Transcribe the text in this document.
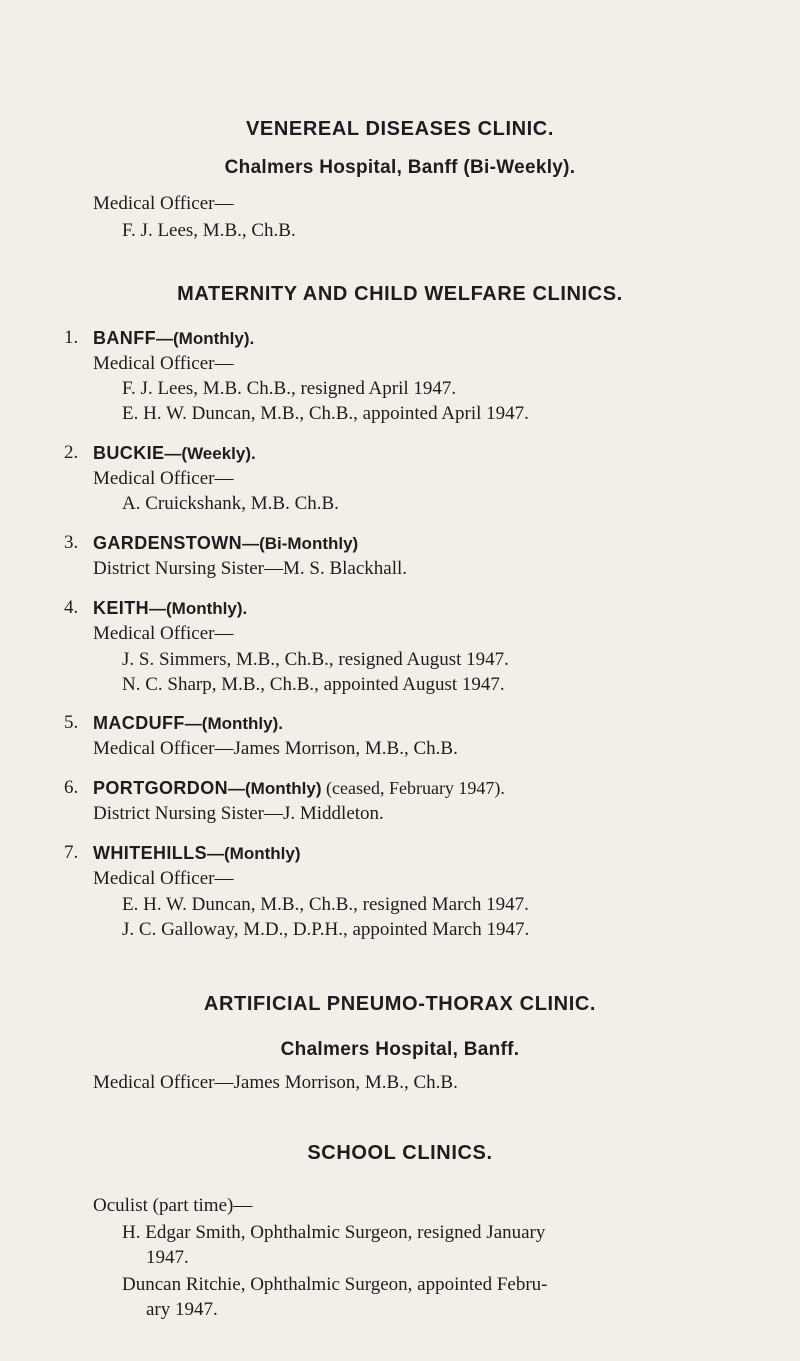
VENEREAL DISEASES CLINIC.
Chalmers Hospital, Banff (Bi-Weekly).
Medical Officer—
F. J. Lees, M.B., Ch.B.
MATERNITY AND CHILD WELFARE CLINICS.
1. BANFF—(Monthly).
Medical Officer—
F. J. Lees, M.B. Ch.B., resigned April 1947.
E. H. W. Duncan, M.B., Ch.B., appointed April 1947.
2. BUCKIE—(Weekly).
Medical Officer—
A. Cruickshank, M.B. Ch.B.
3. GARDENSTOWN—(Bi-Monthly)
District Nursing Sister—M. S. Blackhall.
4. KEITH—(Monthly).
Medical Officer—
J. S. Simmers, M.B., Ch.B., resigned August 1947.
N. C. Sharp, M.B., Ch.B., appointed August 1947.
5. MACDUFF—(Monthly).
Medical Officer—James Morrison, M.B., Ch.B.
6. PORTGORDON—(Monthly) (ceased, February 1947).
District Nursing Sister—J. Middleton.
7. WHITEHILLS—(Monthly)
Medical Officer—
E. H. W. Duncan, M.B., Ch.B., resigned March 1947.
J. C. Galloway, M.D., D.P.H., appointed March 1947.
ARTIFICIAL PNEUMO-THORAX CLINIC.
Chalmers Hospital, Banff.
Medical Officer—James Morrison, M.B., Ch.B.
SCHOOL CLINICS.
Oculist (part time)—
H. Edgar Smith, Ophthalmic Surgeon, resigned January
1947.
Duncan Ritchie, Ophthalmic Surgeon, appointed Febru-
ary 1947.
